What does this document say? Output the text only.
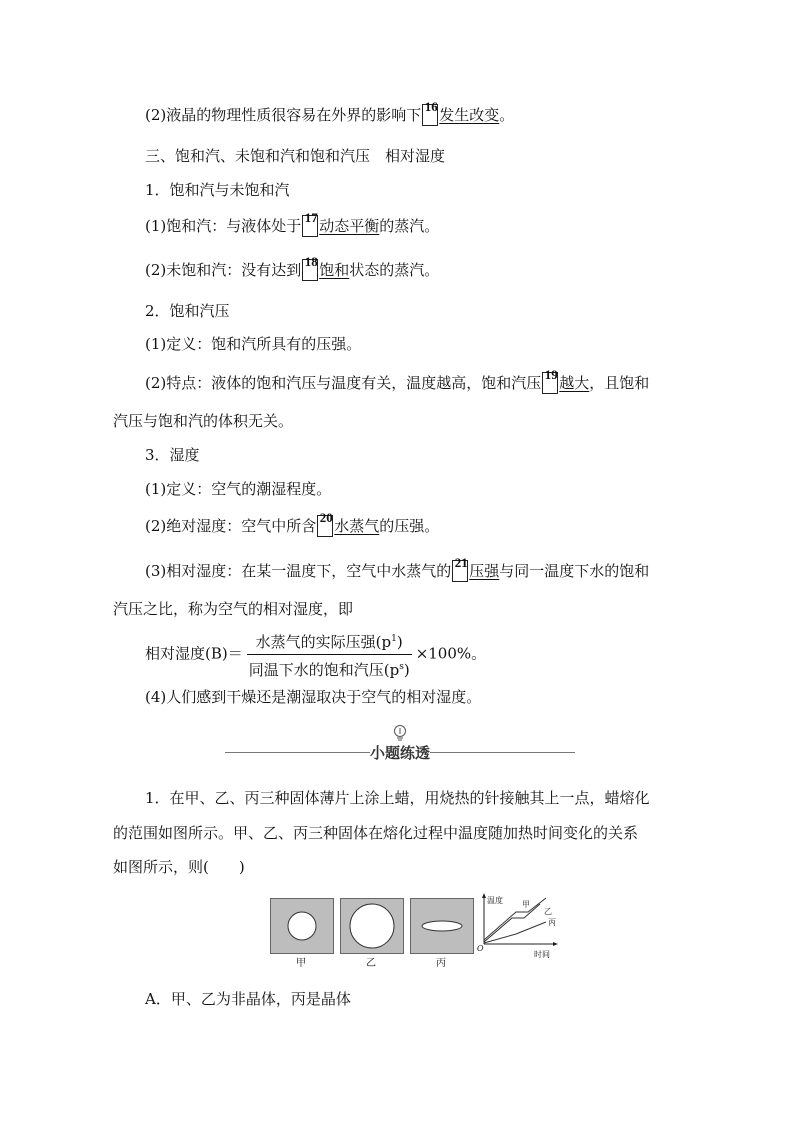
(2)液晶的物理性质很容易在外界的影响下 16 发生改变。
三、饱和汽、未饱和汽和饱和汽压　相对湿度
1．饱和汽与未饱和汽
(1)饱和汽：与液体处于 17 动态平衡的蒸汽。
(2)未饱和汽：没有达到 18 饱和状态的蒸汽。
2．饱和汽压
(1)定义：饱和汽所具有的压强。
(2)特点：液体的饱和汽压与温度有关，温度越高，饱和汽压 19 越大，且饱和
汽压与饱和汽的体积无关。
3．湿度
(1)定义：空气的潮湿程度。
(2)绝对湿度：空气中所含 20 水蒸气的压强。
(3)相对湿度：在某一温度下，空气中水蒸气的 21 压强与同一温度下水的饱和
汽压之比，称为空气的相对湿度，即
相对湿度$(B)= \frac{水蒸气的实际压强(p^1)}{同温下水的饱和汽压(p^s)} \times 100\%$。
(4)人们感到干燥还是潮湿取决于空气的相对湿度。
小题练透
1．在甲、乙、丙三种固体薄片上涂上蜡，用烧热的针接触其上一点，蜡熔化
的范围如图所示。甲、乙、丙三种固体在熔化过程中温度随加热时间变化的关系
如图所示，则(　　)
甲	乙	丙
温度
O
时间
甲
乙
丙
A．甲、乙为非晶体，丙是晶体
